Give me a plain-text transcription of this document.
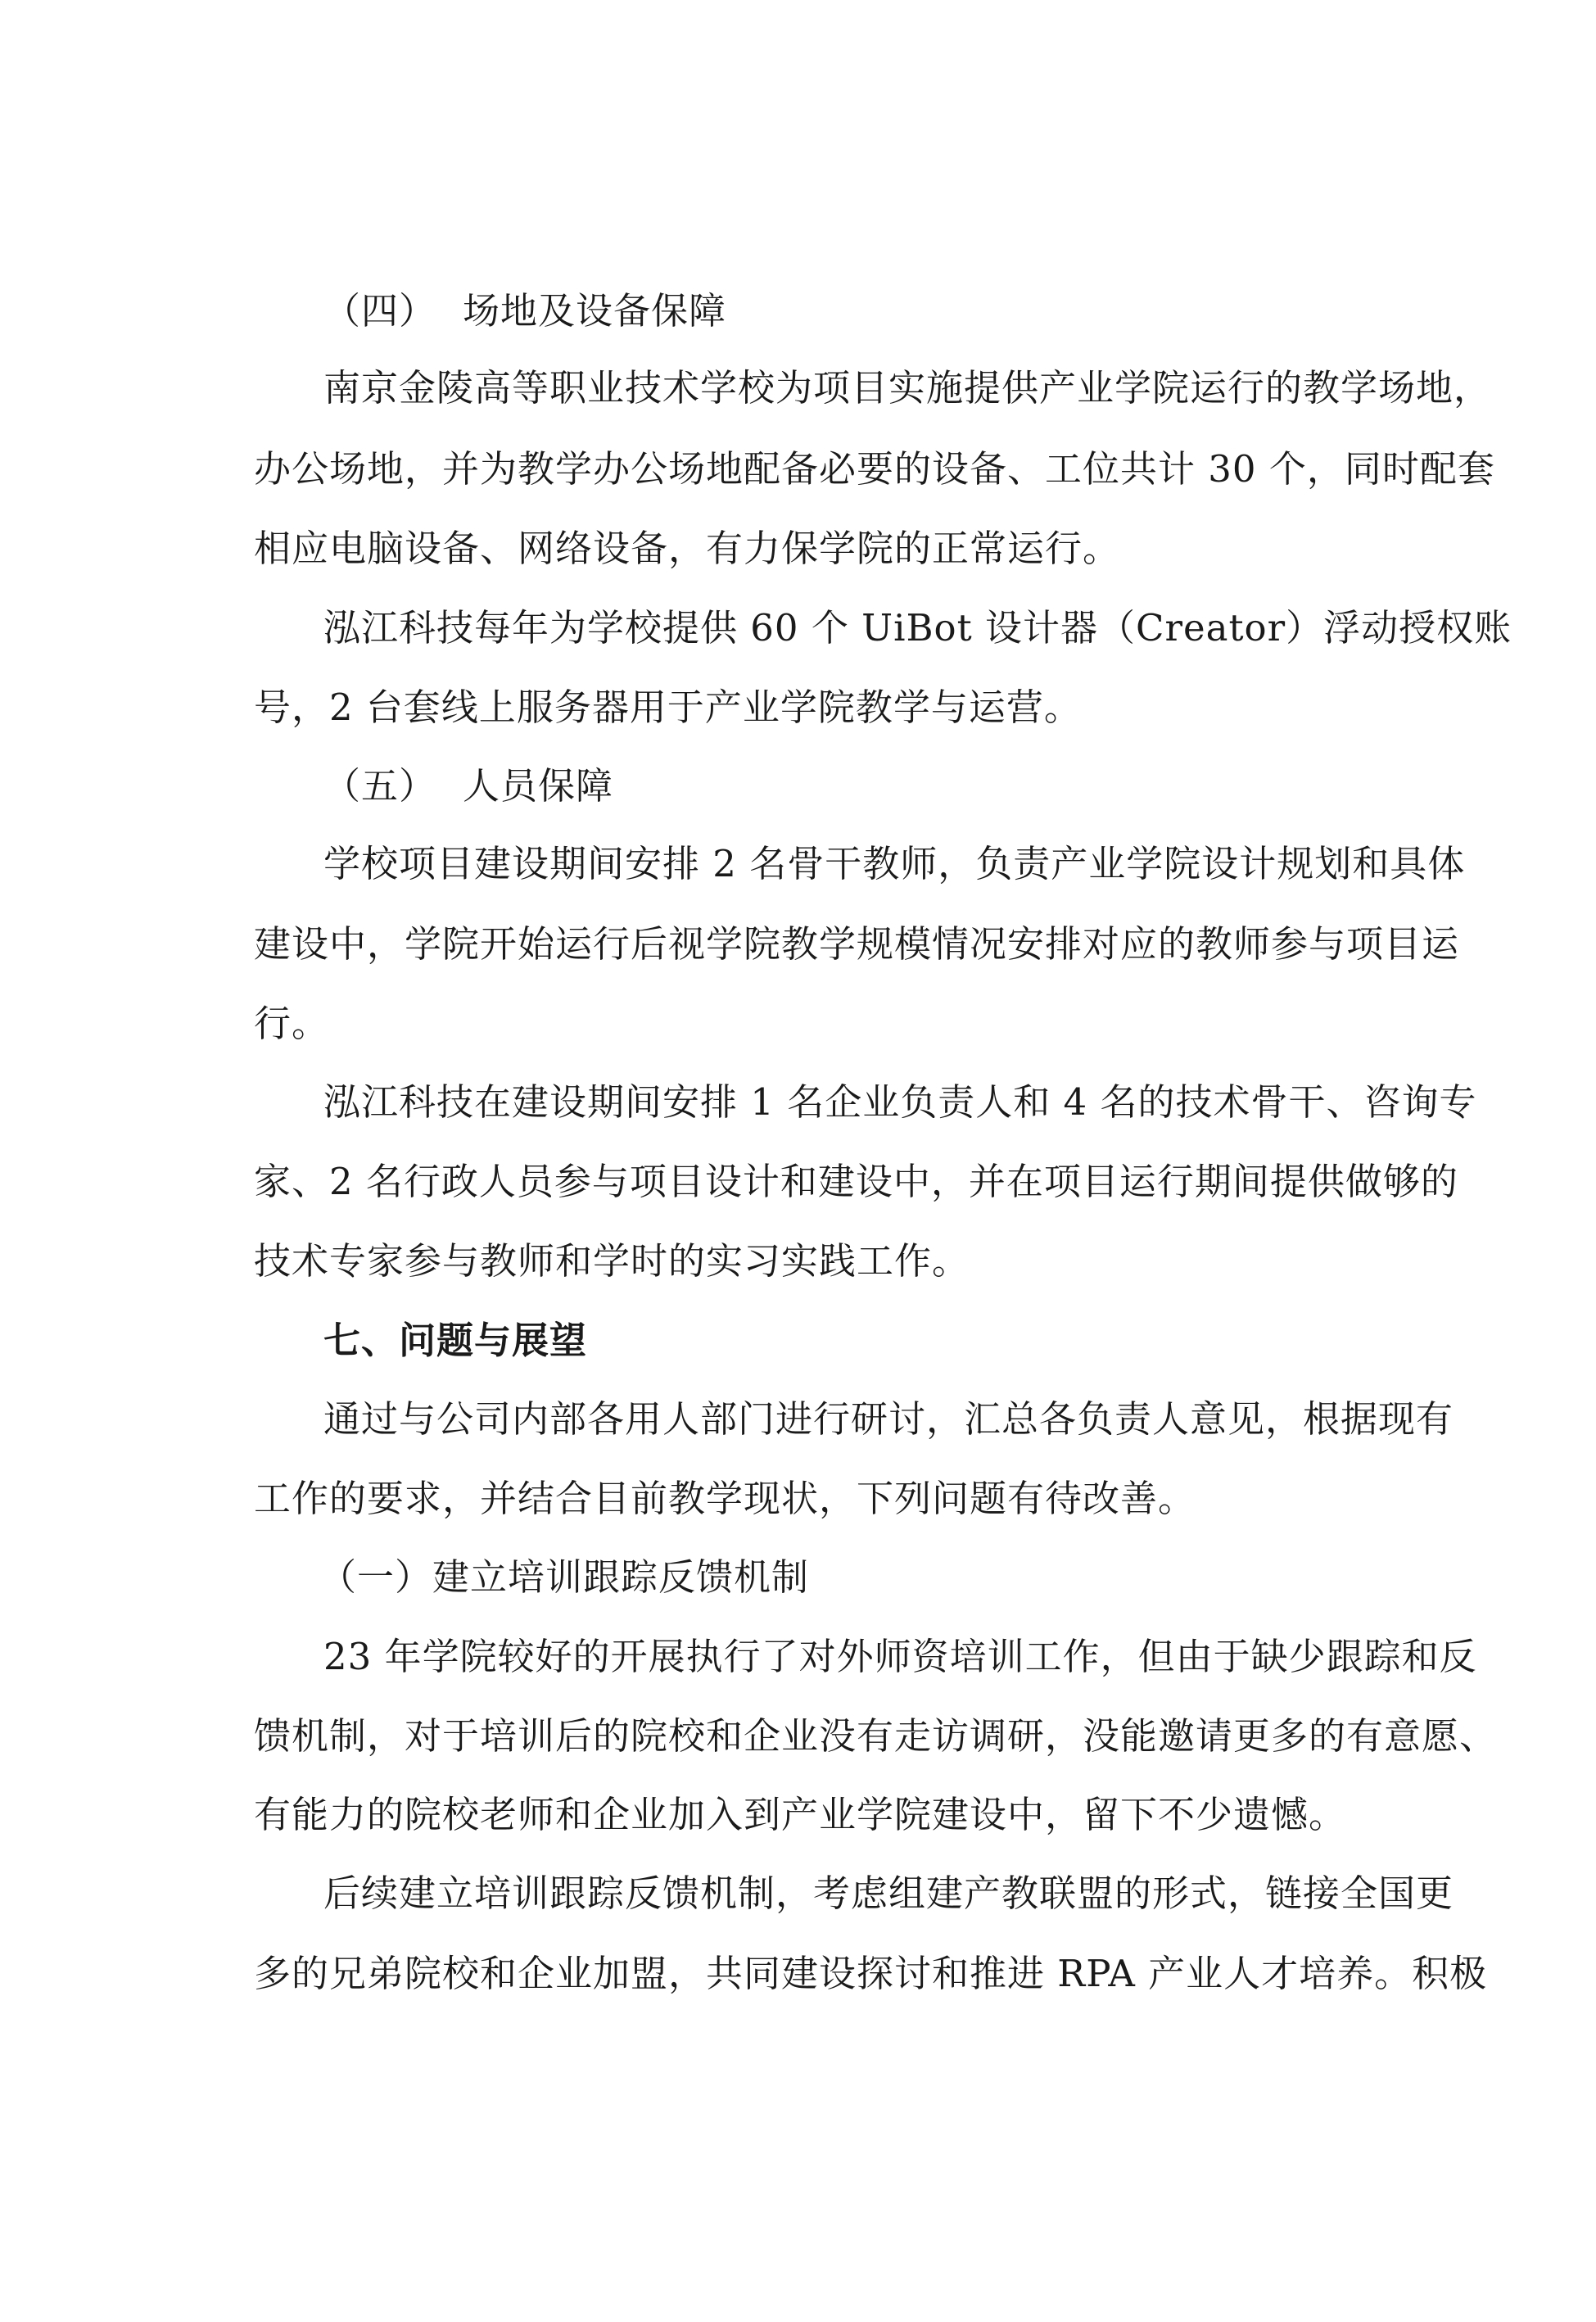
（四） 场地及设备保障
南京金陵高等职业技术学校为项目实施提供产业学院运行的教学场地，
办公场地，并为教学办公场地配备必要的设备、工位共计 30 个，同时配套
相应电脑设备、网络设备，有力保学院的正常运行。
泓江科技每年为学校提供 60 个 UiBot 设计器（Creator）浮动授权账
号，2 台套线上服务器用于产业学院教学与运营。
（五） 人员保障
学校项目建设期间安排 2 名骨干教师，负责产业学院设计规划和具体
建设中，学院开始运行后视学院教学规模情况安排对应的教师参与项目运
行。
泓江科技在建设期间安排 1 名企业负责人和 4 名的技术骨干、咨询专
家、2 名行政人员参与项目设计和建设中，并在项目运行期间提供做够的
技术专家参与教师和学时的实习实践工作。
七、问题与展望
通过与公司内部各用人部门进行研讨，汇总各负责人意见，根据现有
工作的要求，并结合目前教学现状，下列问题有待改善。
（一）建立培训跟踪反馈机制
23 年学院较好的开展执行了对外师资培训工作，但由于缺少跟踪和反
馈机制，对于培训后的院校和企业没有走访调研，没能邀请更多的有意愿、
有能力的院校老师和企业加入到产业学院建设中，留下不少遗憾。
后续建立培训跟踪反馈机制，考虑组建产教联盟的形式，链接全国更
多的兄弟院校和企业加盟，共同建设探讨和推进 RPA 产业人才培养。积极
